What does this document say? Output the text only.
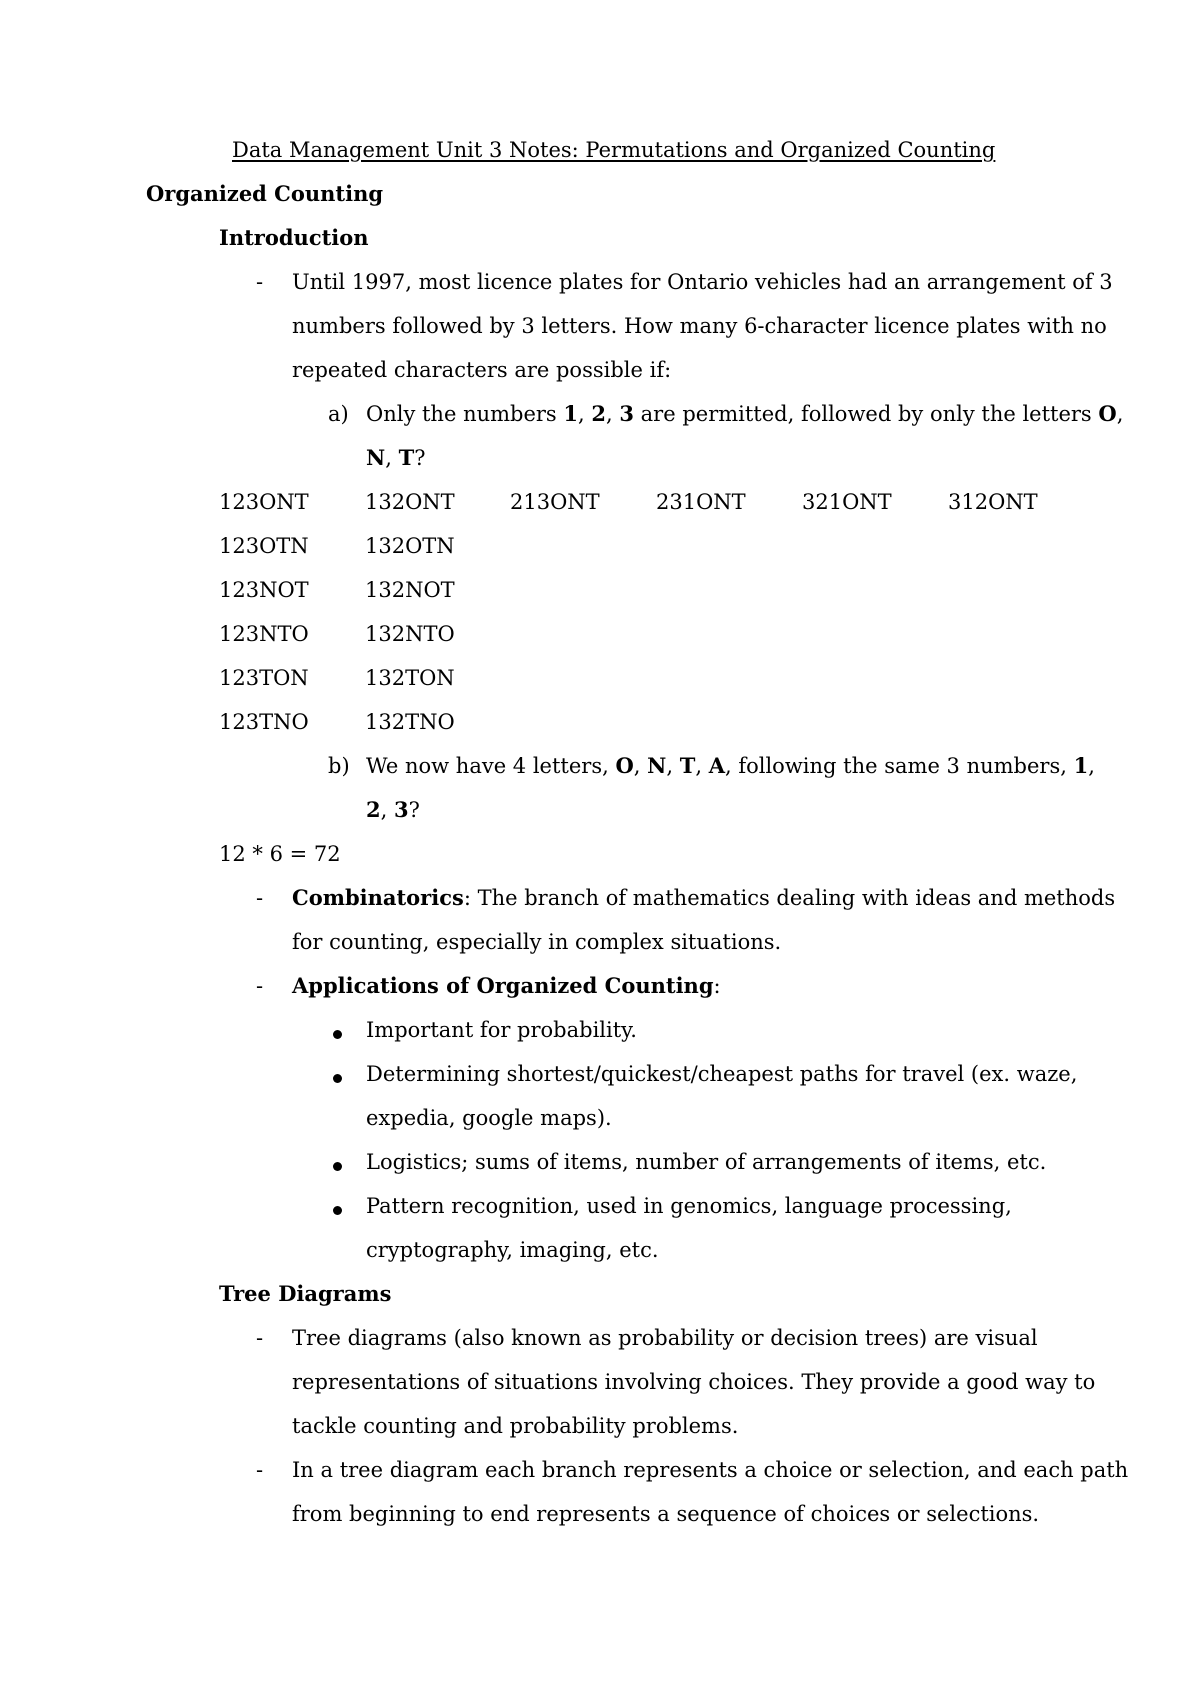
Data Management Unit 3 Notes: Permutations and Organized Counting
Organized Counting
Introduction
- Until 1997, most licence plates for Ontario vehicles had an arrangement of 3
numbers followed by 3 letters. How many 6-character licence plates with no
repeated characters are possible if:
a) Only the numbers 1, 2, 3 are permitted, followed by only the letters O,
N, T?
123ONT	132ONT	213ONT	231ONT	321ONT	312ONT
123OTN	132OTN
123NOT	132NOT
123NTO	132NTO
123TON	132TON
123TNO	132TNO
b) We now have 4 letters, O, N, T, A, following the same 3 numbers, 1,
2, 3?
12 * 6 = 72
- Combinatorics: The branch of mathematics dealing with ideas and methods
for counting, especially in complex situations.
- Applications of Organized Counting:
Important for probability.
Determining shortest/quickest/cheapest paths for travel (ex. waze,
expedia, google maps).
Logistics; sums of items, number of arrangements of items, etc.
Pattern recognition, used in genomics, language processing,
cryptography, imaging, etc.
Tree Diagrams
- Tree diagrams (also known as probability or decision trees) are visual
representations of situations involving choices. They provide a good way to
tackle counting and probability problems.
- In a tree diagram each branch represents a choice or selection, and each path
from beginning to end represents a sequence of choices or selections.
